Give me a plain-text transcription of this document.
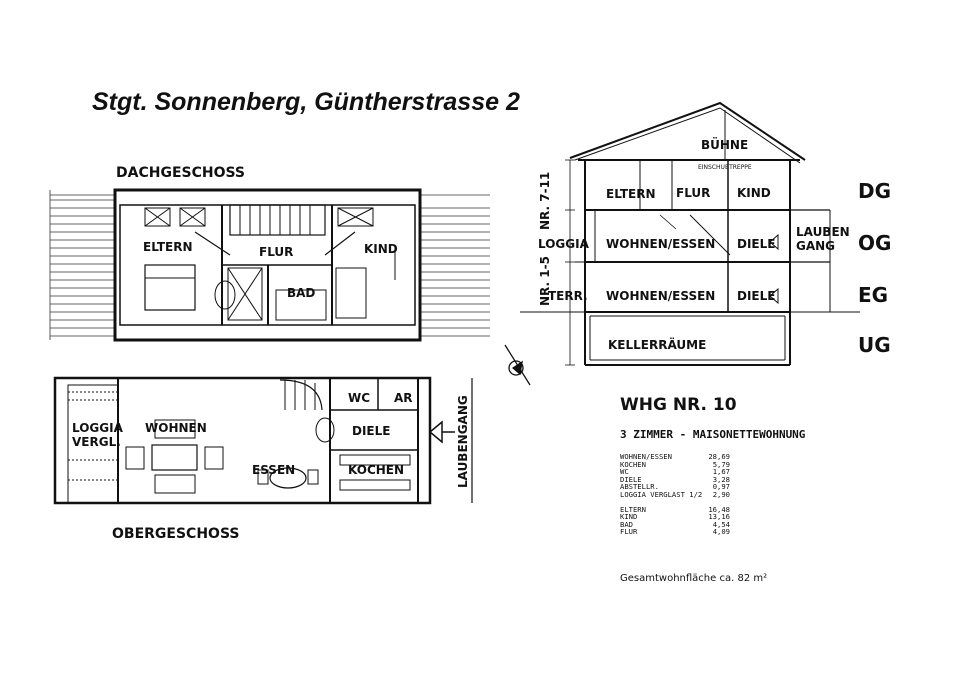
Stgt. Sonnenberg, Güntherstrasse 2
DACHGESCHOSS
ELTERN	FLUR	KIND
BAD
LOGGIA
VERGL.
WOHNEN
ESSEN
WC AR
DIELE
KOCHEN	LAUBENGANG
OBERGESCHOSS
BÜHNE
EINSCHUBTREPPE
ELTERN FLUR KIND
LOGGIA WOHNEN/ESSEN DIELE
LAUBEN
GANG
TERR. WOHNEN/ESSEN DIELE
KELLERRÄUME
NR. 7-11
NR. 1-5
DG
OG
EG
UG
WHG NR. 10
3 ZIMMER - MAISONETTEWOHNUNG
WOHNEN/ESSEN	28,69
KOCHEN	5,79
WC	1,67
DIELE	3,28
ABSTELLR.	0,97
LOGGIA VERGLAST 1/2 2,90
ELTERN	16,48
KIND	13,16
BAD	4,54
FLUR	4,09
Gesamtwohnfläche ca. 82 m²
